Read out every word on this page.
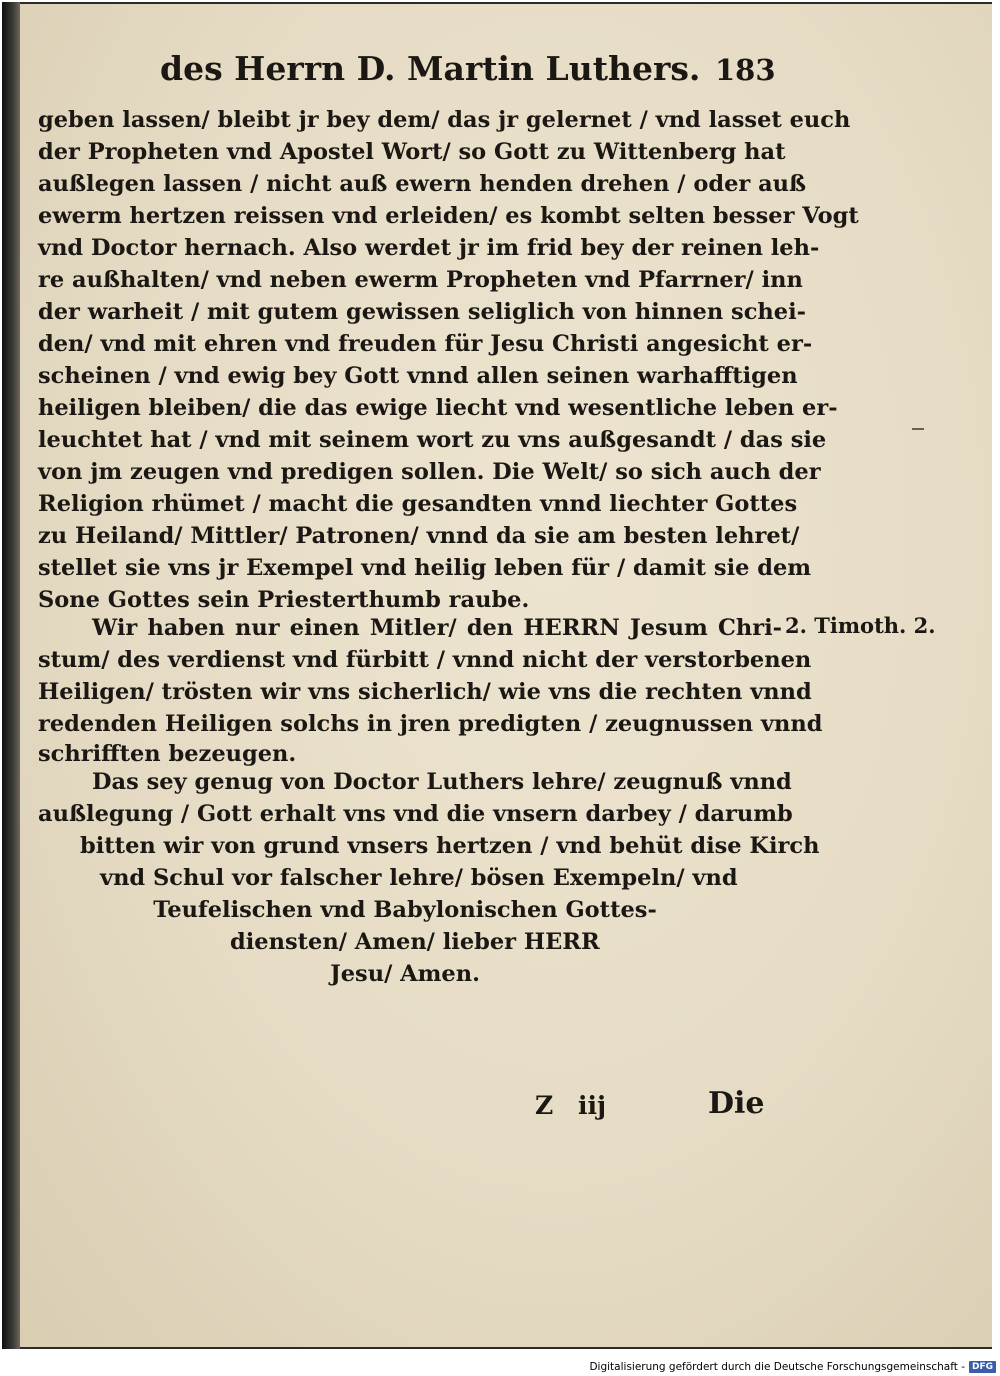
des Herrn D. Martin Luthers. 183
geben lassen/ bleibt jr bey dem/ das jr gelernet / vnd lasset euch
der Propheten vnd Apostel Wort/ so Gott zu Wittenberg hat
außlegen lassen / nicht auß ewern henden drehen / oder auß
ewerm hertzen reissen vnd erleiden/ es kombt selten besser Vogt
vnd Doctor hernach. Also werdet jr im frid bey der reinen leh-
re außhalten/ vnd neben ewerm Propheten vnd Pfarrner/ inn
der warheit / mit gutem gewissen seliglich von hinnen schei-
den/ vnd mit ehren vnd freuden für Jesu Christi angesicht er-
scheinen / vnd ewig bey Gott vnnd allen seinen warhafftigen
heiligen bleiben/ die das ewige liecht vnd wesentliche leben er-
leuchtet hat / vnd mit seinem wort zu vns außgesandt / das sie
von jm zeugen vnd predigen sollen. Die Welt/ so sich auch der
Religion rhümet / macht die gesandten vnnd liechter Gottes
zu Heiland/ Mittler/ Patronen/ vnnd da sie am besten lehret/
stellet sie vns jr Exempel vnd heilig leben für / damit sie dem
Sone Gottes sein Priesterthumb raube.
Wir haben nur einen Mitler/ den HERRN Jesum Chri-
stum/ des verdienst vnd fürbitt / vnnd nicht der verstorbenen
Heiligen/ trösten wir vns sicherlich/ wie vns die rechten vnnd
redenden Heiligen solchs in jren predigten / zeugnussen vnnd
schrifften bezeugen.
Das sey genug von Doctor Luthers lehre/ zeugnuß vnnd
außlegung / Gott erhalt vns vnd die vnsern darbey / darumb
bitten wir von grund vnsers hertzen / vnd behüt dise Kirch
vnd Schul vor falscher lehre/ bösen Exempeln/ vnd
Teufelischen vnd Babylonischen Gottes-
diensten/ Amen/ lieber HERR
Jesu/ Amen.
2. Timoth. 2.
Z iij	Die
Digitalisierung gefördert durch die Deutsche Forschungsgemeinschaft - DFG
